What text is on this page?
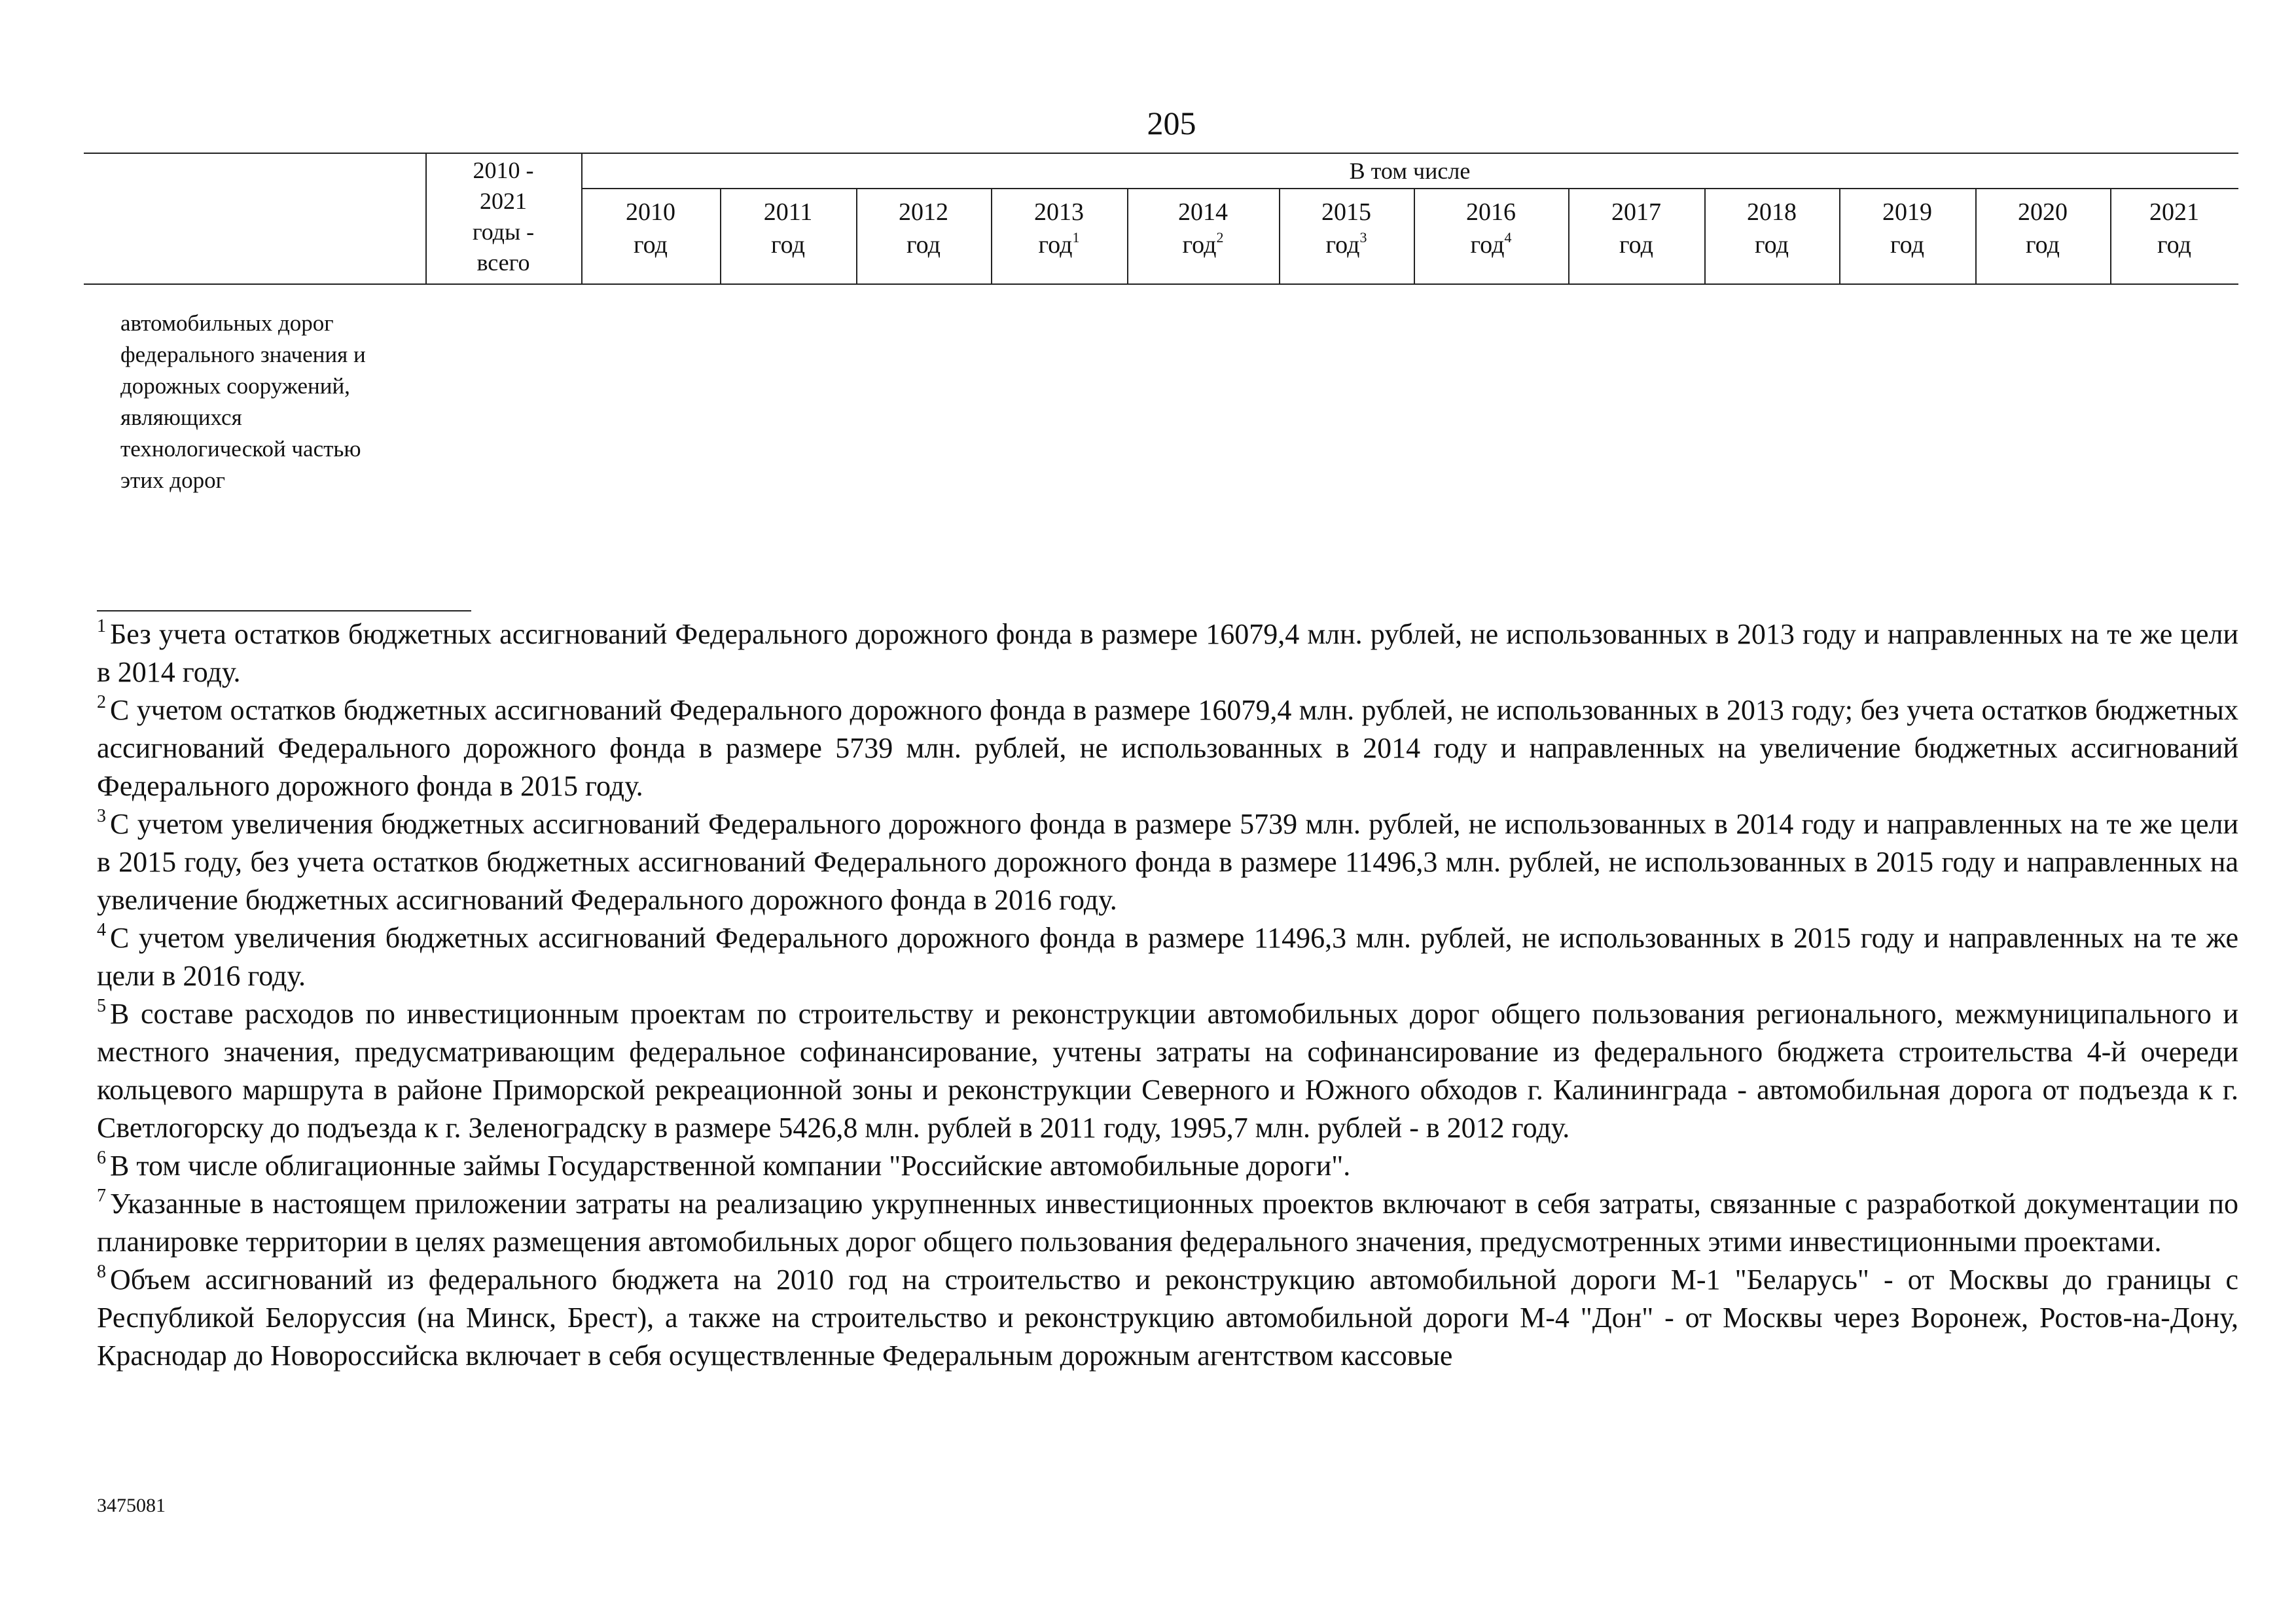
205
2010 -
2021
годы -
всего
В том числе
2010
год
2011
год
2012
год
2013
год$^1$
2014
год$^2$
2015
год$^3$
2016
год$^4$
2017
год
2018
год
2019
год
2020
год
2021
год
автомобильных дорог
федерального значения и
дорожных сооружений,
являющихся
технологической частью
этих дорог

$^1$ Без учета остатков бюджетных ассигнований Федерального дорожного фонда в размере 16079,4 млн. рублей, не использованных в 2013 году и направленных на те же цели в 2014 году.

$^2$ С учетом остатков бюджетных ассигнований Федерального дорожного фонда в размере 16079,4 млн. рублей, не использованных в 2013 году; без учета остатков бюджетных ассигнований Федерального дорожного фонда в размере 5739 млн. рублей, не использованных в 2014 году и направленных на увеличение бюджетных ассигнований Федерального дорожного фонда в 2015 году.

$^3$ С учетом увеличения бюджетных ассигнований Федерального дорожного фонда в размере 5739 млн. рублей, не использованных в 2014 году и направленных на те же цели в 2015 году, без учета остатков бюджетных ассигнований Федерального дорожного фонда в размере 11496,3 млн. рублей, не использованных в 2015 году и направленных на увеличение бюджетных ассигнований Федерального дорожного фонда в 2016 году.

$^4$ С учетом увеличения бюджетных ассигнований Федерального дорожного фонда в размере 11496,3 млн. рублей, не использованных в 2015 году и направленных на те же цели в 2016 году.

$^5$ В составе расходов по инвестиционным проектам по строительству и реконструкции автомобильных дорог общего пользования регионального, межмуниципального и местного значения, предусматривающим федеральное софинансирование, учтены затраты на софинансирование из федерального бюджета строительства 4-й очереди кольцевого маршрута в районе Приморской рекреационной зоны и реконструкции Северного и Южного обходов г. Калининграда - автомобильная дорога от подъезда к г. Светлогорску до подъезда к г. Зеленоградску в размере 5426,8 млн. рублей в 2011 году, 1995,7 млн. рублей - в 2012 году.

$^6$ В том числе облигационные займы Государственной компании "Российские автомобильные дороги".

$^7$ Указанные в настоящем приложении затраты на реализацию укрупненных инвестиционных проектов включают в себя затраты, связанные с разработкой документации по планировке территории в целях размещения автомобильных дорог общего пользования федерального значения, предусмотренных этими инвестиционными проектами.

$^8$ Объем ассигнований из федерального бюджета на 2010 год на строительство и реконструкцию автомобильной дороги М-1 "Беларусь" - от Москвы до границы с Республикой Белоруссия (на Минск, Брест), а также на строительство и реконструкцию автомобильной дороги М-4 "Дон" - от Москвы через Воронеж, Ростов-на-Дону, Краснодар до Новороссийска включает в себя осуществленные Федеральным дорожным агентством кассовые

3475081
